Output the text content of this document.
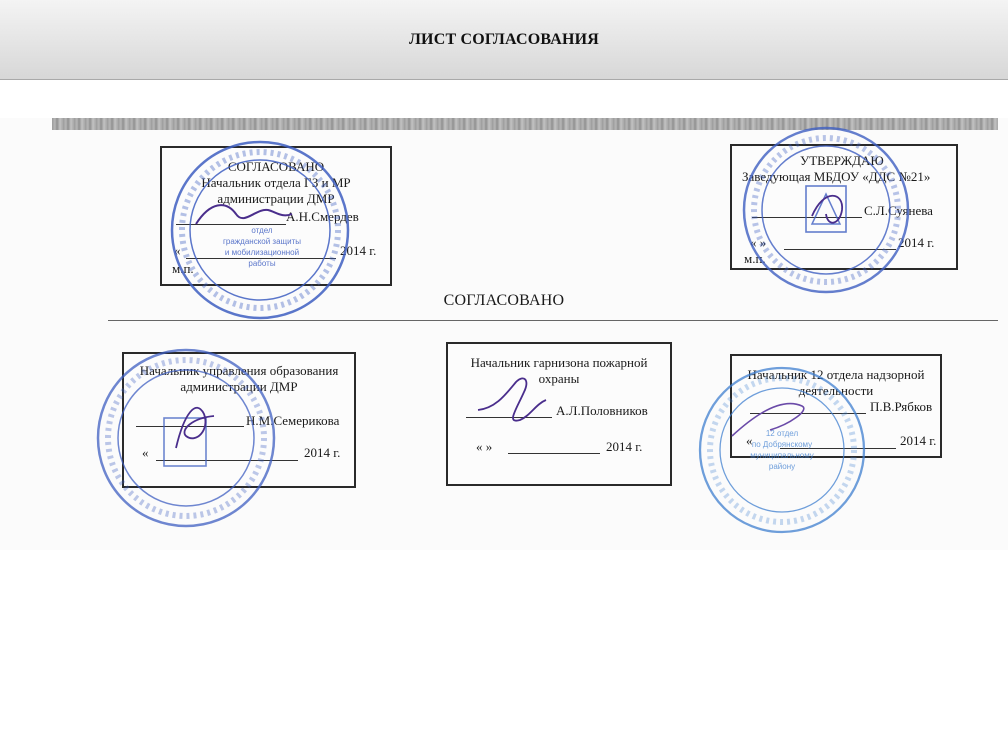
ЛИСТ СОГЛАСОВАНИЯ
СОГЛАСОВАНО
Начальник отдела ГЗ и МР
администрации ДМР
А.Н.Смердев
«	2014 г.
м.п.
УТВЕРЖДАЮ
Заведующая МБДОУ «ДДС №21»
С.Л.Суянева
« »	2014 г.
м.п.
СОГЛАСОВАНО
Начальник управления образования
администрации ДМР
Н.М.Семерикова
«	2014 г.
Начальник гарнизона пожарной
охраны
А.Л.Половников
« »	2014 г.
Начальник 12 отдела надзорной
деятельности
П.В.Рябков
«	2014 г.
отдел
гражданской защиты
и мобилизационной
работы
12 отдел
по Добрянскому
муниципальному
району
